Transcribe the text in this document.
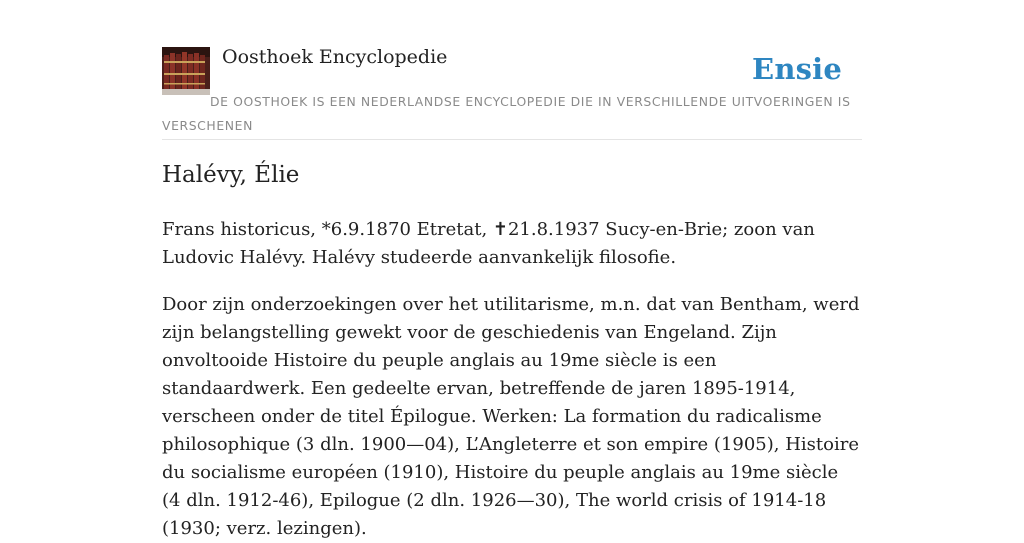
Oosthoek Encyclopedie	Ensie
DE OOSTHOEK IS EEN NEDERLANDSE ENCYCLOPEDIE DIE IN VERSCHILLENDE UITVOERINGEN IS VERSCHENEN
Halévy, Élie

Frans historicus, *6.9.1870 Etretat, ✝21.8.1937 Sucy-en-Brie; zoon van Ludovic Halévy. Halévy studeerde aanvankelijk filosofie.

Door zijn onderzoekingen over het utilitarisme, m.n. dat van Bentham, werd zijn belangstelling gewekt voor de geschiedenis van Engeland. Zijn onvoltooide Histoire du peuple anglais au 19me siècle is een standaardwerk. Een gedeelte ervan, betreffende de jaren 1895-1914, verscheen onder de titel Épilogue. Werken: La formation du radicalisme philosophique (3 dln. 1900—04), L’Angleterre et son empire (1905), Histoire du socialisme européen (1910), Histoire du peuple anglais au 19me siècle (4 dln. 1912-46), Epilogue (2 dln. 1926—30), The world crisis of 1914-18 (1930; verz. lezingen).
